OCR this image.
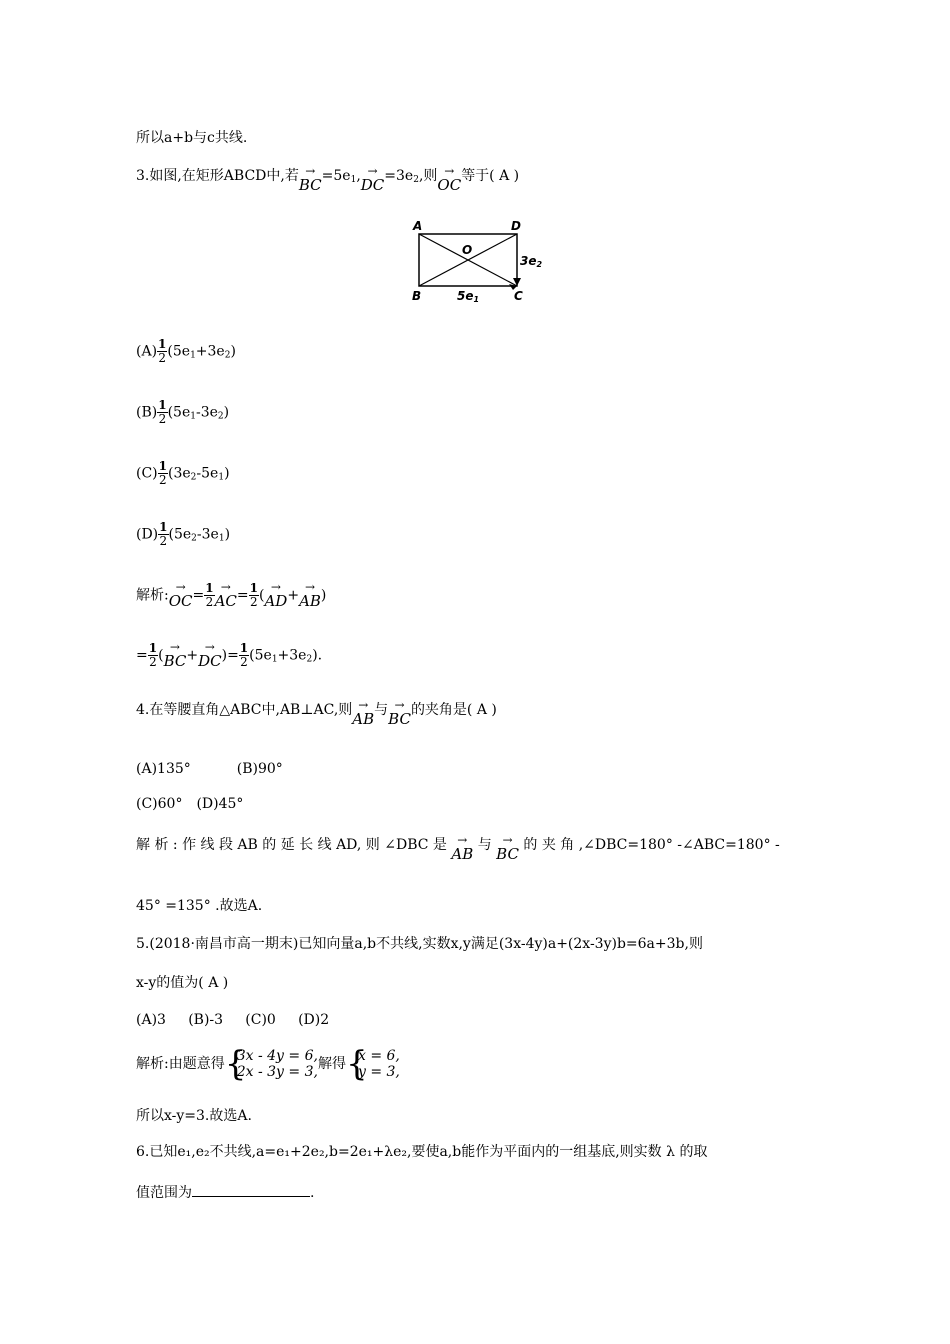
所以a+b与c共线.
3.如图,在矩形ABCD中,若 →
BC $=5e_1$, →
DC $=3e_2$,则 →
OC 等于( A )
A	D
O
B	C
5e1
3e2
$(A) \frac{1}{2} (5e_1+3e_2)$
$(B) \frac{1}{2} (5e_1-3e_2)$
$(C) \frac{1}{2} (3e_2-5e_1)$
$(D) \frac{1}{2} (5e_2-3e_1)$
解析:
→
OC = $\frac{1}{2}$ →
AC = $\frac{1}{2}$ (
→
AD +
→
AB )
= $\frac{1}{2}$ (
→
BC +
→
DC )= $\frac{1}{2} (5e_1+3e_2)$.
4.在等腰直角△ABC中,AB⊥AC,则 →
AB 与 →
BC 的夹角是( A )
(A)135°	(B)90°
(C)60° (D)45°
解 析 : 作 线 段 AB 的 延 长 线 AD, 则 ∠DBC 是 →
AB 与 →
BC 的 夹 角 ,∠DBC=180° -∠ABC=180° -
45° =135° .故选A.
5.(2018·南昌市高一期末)已知向量a,b不共线,实数x,y满足(3x-4y)a+(2x-3y)b=6a+3b,则
x-y的值为( A )
(A)3     (B)-3     (C)0     (D)2
解析:由题意得 {
3x - 4y = 6,
2x - 3y = 3, 解得 {
x = 6,
y = 3,
所以x-y=3.故选A.
6.已知e₁,e₂不共线,a=e₁+2e₂,b=2e₁+λe₂,要使a,b能作为平面内的一组基底,则实数 λ 的取
值范围为	.
